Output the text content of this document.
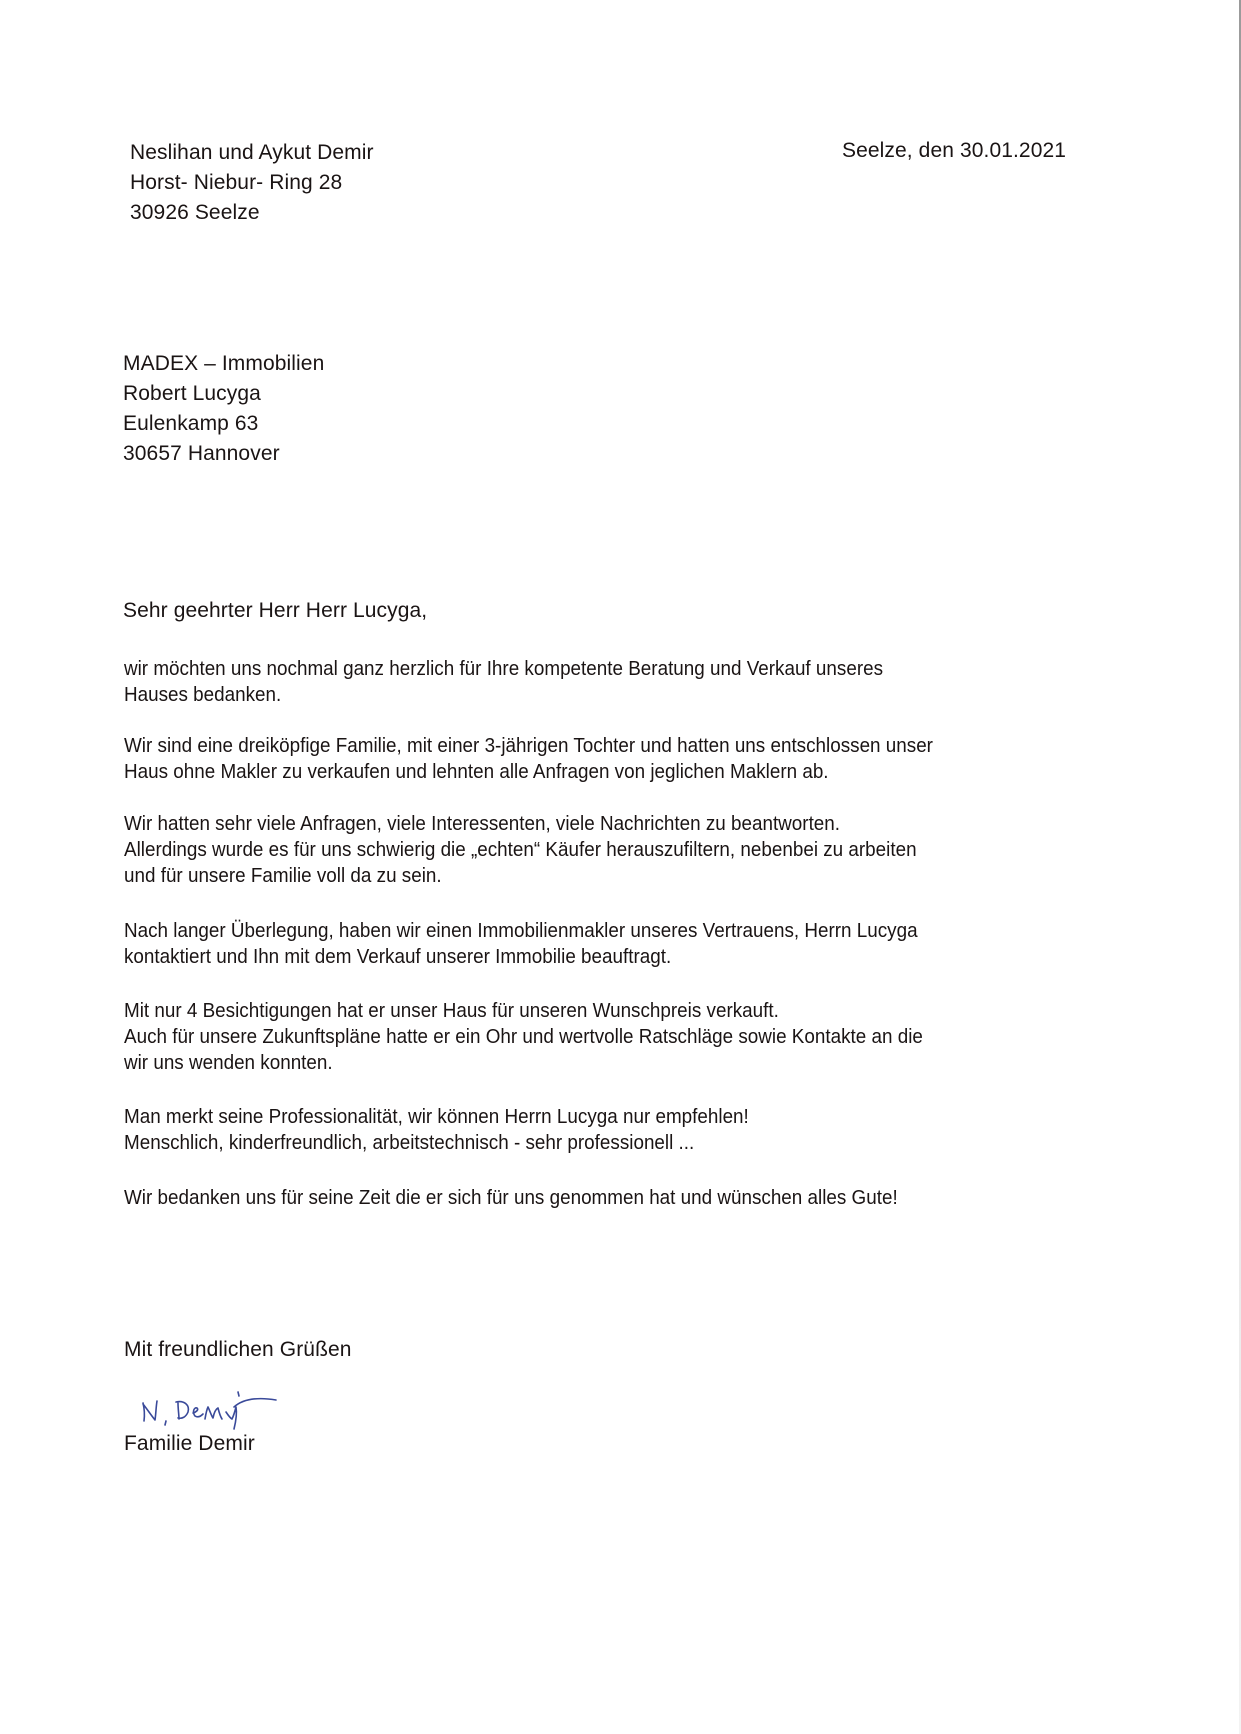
Neslihan und Aykut Demir
Horst- Niebur- Ring 28
30926 Seelze
Seelze, den 30.01.2021
MADEX – Immobilien
Robert Lucyga
Eulenkamp 63
30657 Hannover
Sehr geehrter Herr Herr Lucyga,
wir möchten uns nochmal ganz herzlich für Ihre kompetente Beratung und Verkauf unseres
Hauses bedanken.
Wir sind eine dreiköpfige Familie, mit einer 3-jährigen Tochter und hatten uns entschlossen unser
Haus ohne Makler zu verkaufen und lehnten alle Anfragen von jeglichen Maklern ab.
Wir hatten sehr viele Anfragen, viele Interessenten, viele Nachrichten zu beantworten.
Allerdings wurde es für uns schwierig die „echten“ Käufer herauszufiltern, nebenbei zu arbeiten
und für unsere Familie voll da zu sein.
Nach langer Überlegung, haben wir einen Immobilienmakler unseres Vertrauens, Herrn Lucyga
kontaktiert und Ihn mit dem Verkauf unserer Immobilie beauftragt.
Mit nur 4 Besichtigungen hat er unser Haus für unseren Wunschpreis verkauft.
Auch für unsere Zukunftspläne hatte er ein Ohr und wertvolle Ratschläge sowie Kontakte an die
wir uns wenden konnten.
Man merkt seine Professionalität, wir können Herrn Lucyga nur empfehlen!
Menschlich, kinderfreundlich, arbeitstechnisch - sehr professionell ...
Wir bedanken uns für seine Zeit die er sich für uns genommen hat und wünschen alles Gute!
Mit freundlichen Grüßen
Familie Demir
